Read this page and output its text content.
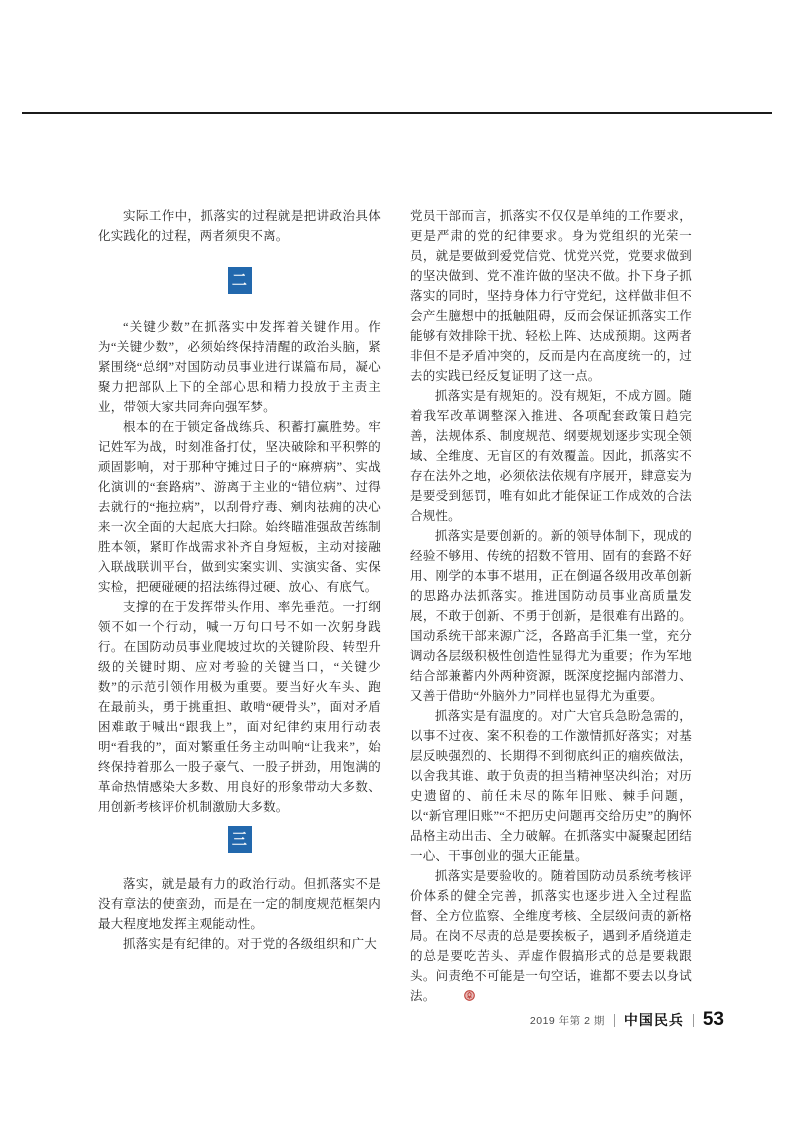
实际工作中，抓落实的过程就是把讲政治具体化实践化的过程，两者须臾不离。

二

“关键少数”在抓落实中发挥着关键作用。作为“关键少数”，必须始终保持清醒的政治头脑，紧紧围绕“总纲”对国防动员事业进行谋篇布局，凝心聚力把部队上下的全部心思和精力投放于主责主业，带领大家共同奔向强军梦。

根本的在于锁定备战练兵、积蓄打赢胜势。牢记姓军为战，时刻准备打仗，坚决破除和平积弊的顽固影响，对于那种守摊过日子的“麻痹病”、实战化演训的“套路病”、游离于主业的“错位病”、过得去就行的“拖拉病”，以刮骨疗毒、剜肉祛痈的决心来一次全面的大起底大扫除。始终瞄准强敌苦练制胜本领，紧盯作战需求补齐自身短板，主动对接融入联战联训平台，做到实案实训、实演实备、实保实检，把硬碰硬的招法练得过硬、放心、有底气。

支撑的在于发挥带头作用、率先垂范。一打纲领不如一个行动，喊一万句口号不如一次躬身践行。在国防动员事业爬坡过坎的关键阶段、转型升级的关键时期、应对考验的关键当口，“关键少数”的示范引领作用极为重要。要当好火车头、跑在最前头，勇于挑重担、敢啃“硬骨头”，面对矛盾困难敢于喊出“跟我上”，面对纪律约束用行动表明“看我的”，面对繁重任务主动叫响“让我来”，始终保持着那么一股子豪气、一股子拼劲，用饱满的革命热情感染大多数、用良好的形象带动大多数、用创新考核评价机制激励大多数。

三

落实，就是最有力的政治行动。但抓落实不是没有章法的使蛮劲，而是在一定的制度规范框架内最大程度地发挥主观能动性。

抓落实是有纪律的。对于党的各级组织和广大

党员干部而言，抓落实不仅仅是单纯的工作要求，更是严肃的党的纪律要求。身为党组织的光荣一员，就是要做到爱党信党、忧党兴党，党要求做到的坚决做到、党不准许做的坚决不做。扑下身子抓落实的同时，坚持身体力行守党纪，这样做非但不会产生臆想中的抵触阻碍，反而会保证抓落实工作能够有效排除干扰、轻松上阵、达成预期。这两者非但不是矛盾冲突的，反而是内在高度统一的，过去的实践已经反复证明了这一点。

抓落实是有规矩的。没有规矩，不成方圆。随着我军改革调整深入推进、各项配套政策日趋完善，法规体系、制度规范、纲要规划逐步实现全领域、全维度、无盲区的有效覆盖。因此，抓落实不存在法外之地，必须依法依规有序展开，肆意妄为是要受到惩罚，唯有如此才能保证工作成效的合法合规性。

抓落实是要创新的。新的领导体制下，现成的经验不够用、传统的招数不管用、固有的套路不好用、刚学的本事不堪用，正在倒逼各级用改革创新的思路办法抓落实。推进国防动员事业高质量发展，不敢于创新、不勇于创新，是很难有出路的。国动系统干部来源广泛，各路高手汇集一堂，充分调动各层级积极性创造性显得尤为重要；作为军地结合部兼蓄内外两种资源，既深度挖掘内部潜力、又善于借助“外脑外力”同样也显得尤为重要。

抓落实是有温度的。对广大官兵急盼急需的，以事不过夜、案不积卷的工作激情抓好落实；对基层反映强烈的、长期得不到彻底纠正的痼疾做法，以舍我其谁、敢于负责的担当精神坚决纠治；对历史遗留的、前任未尽的陈年旧账、棘手问题，以“新官理旧账”“不把历史问题再交给历史”的胸怀品格主动出击、全力破解。在抓落实中凝聚起团结一心、干事创业的强大正能量。

抓落实是要验收的。随着国防动员系统考核评价体系的健全完善，抓落实也逐步进入全过程监督、全方位监察、全维度考核、全层级问责的新格局。在岗不尽责的总是要挨板子，遇到矛盾绕道走的总是要吃苦头、弄虚作假搞形式的总是要栽跟头。问责绝不可能是一句空话，谁都不要去以身试法。

2019 年第 2 期 中国民兵 53
